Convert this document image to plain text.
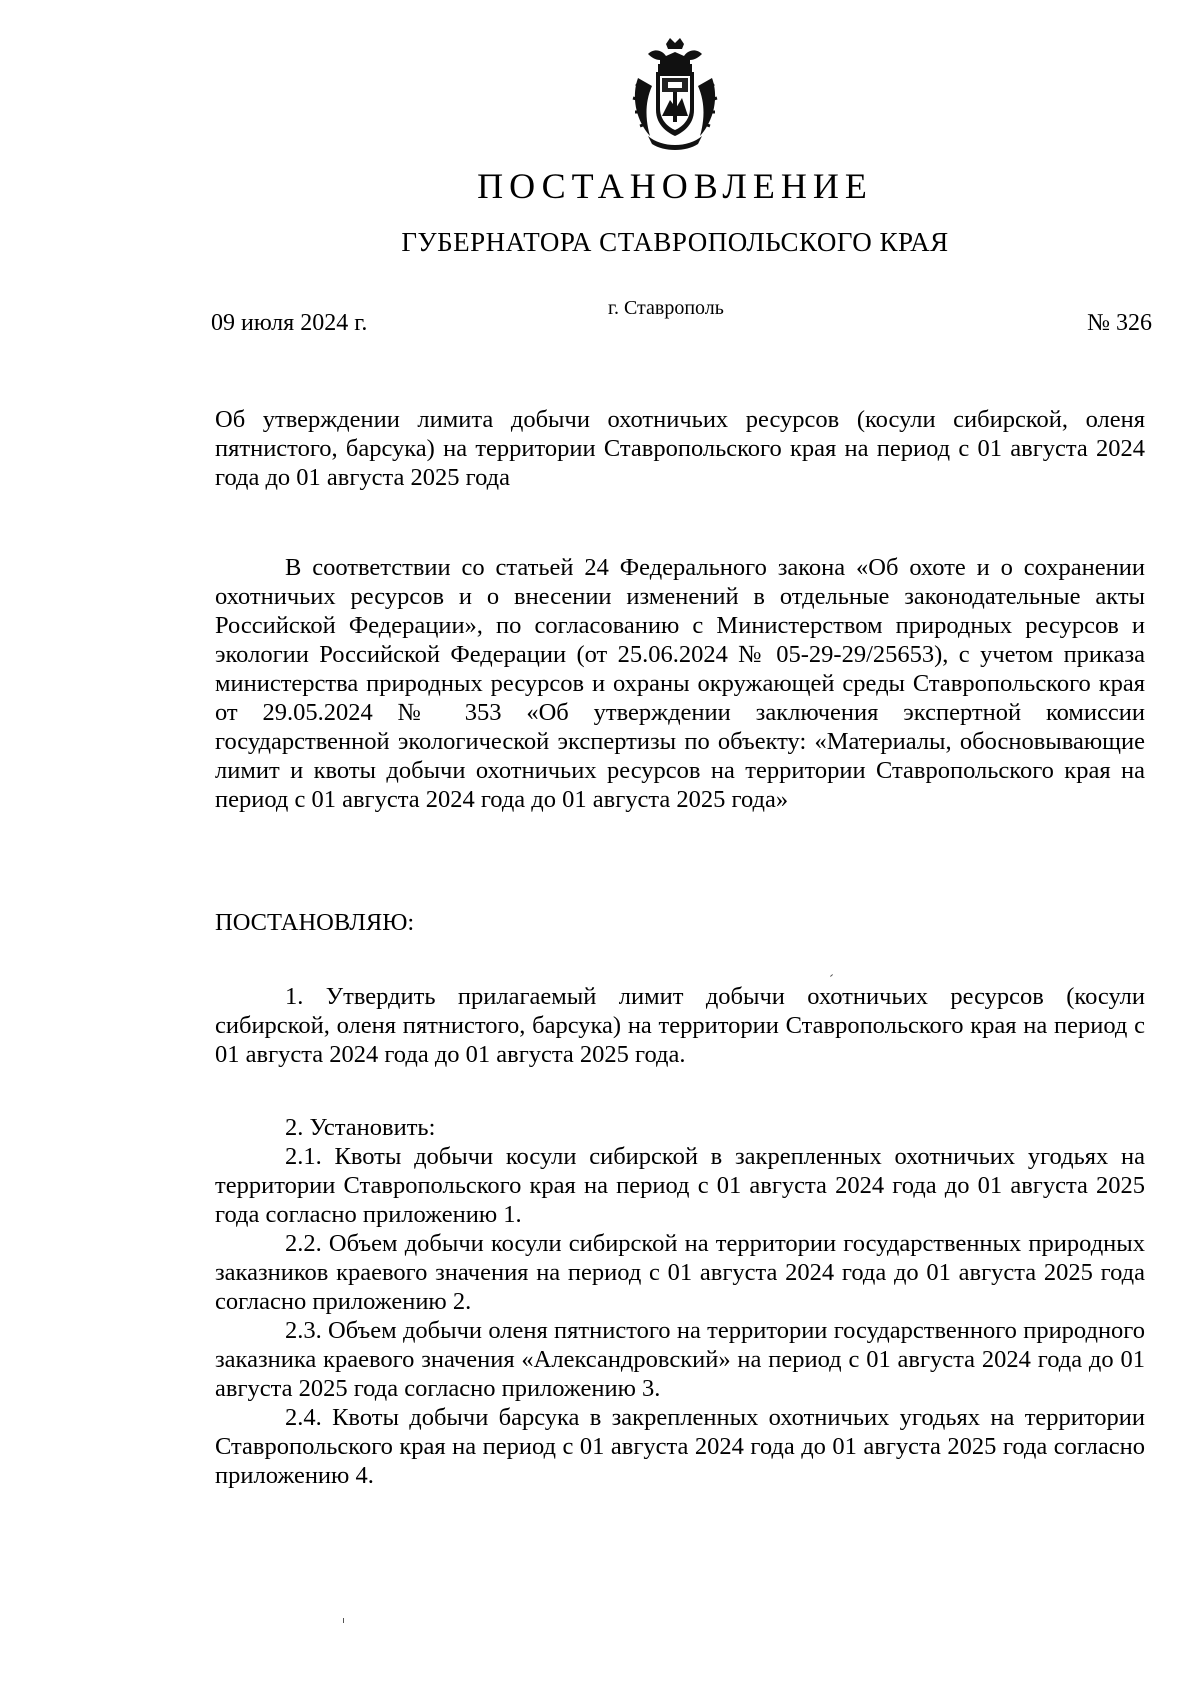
ПОСТАНОВЛЕНИЕ
ГУБЕРНАТОРА СТАВРОПОЛЬСКОГО КРАЯ
09 июля 2024 г.
г. Ставрополь
№ 326

Об утверждении лимита добычи охотничьих ресурсов (косули сибирской, оленя пятнистого, барсука) на территории Ставропольского края на период с 01 августа 2024 года до 01 августа 2025 года

В соответствии со статьей 24 Федерального закона «Об охоте и о сохранении охотничьих ресурсов и о внесении изменений в отдельные законодательные акты Российской Федерации», по согласованию с Министерством природных ресурсов и экологии Российской Федерации (от 25.06.2024 № 05-29-29/25653), с учетом приказа министерства природных ресурсов и охраны окружающей среды Ставропольского края от 29.05.2024 № 353 «Об утверждении заключения экспертной комиссии государственной экологической экспертизы по объекту: «Материалы, обосновывающие лимит и квоты добычи охотничьих ресурсов на территории Ставропольского края на период с 01 августа 2024 года до 01 августа 2025 года»

ПОСТАНОВЛЯЮ:

1. Утвердить прилагаемый лимит добычи охотничьих ресурсов (косули сибирской, оленя пятнистого, барсука) на территории Ставропольского края на период с 01 августа 2024 года до 01 августа 2025 года.

2. Установить:

2.1. Квоты добычи косули сибирской в закрепленных охотничьих угодьях на территории Ставропольского края на период с 01 августа 2024 года до 01 августа 2025 года согласно приложению 1.

2.2. Объем добычи косули сибирской на территории государственных природных заказников краевого значения на период с 01 августа 2024 года до 01 августа 2025 года согласно приложению 2.

2.3. Объем добычи оленя пятнистого на территории государственного природного заказника краевого значения «Александровский» на период с 01 августа 2024 года до 01 августа 2025 года согласно приложению 3.

2.4. Квоты добычи барсука в закрепленных охотничьих угодьях на территории Ставропольского края на период с 01 августа 2024 года до 01 августа 2025 года согласно приложению 4.
